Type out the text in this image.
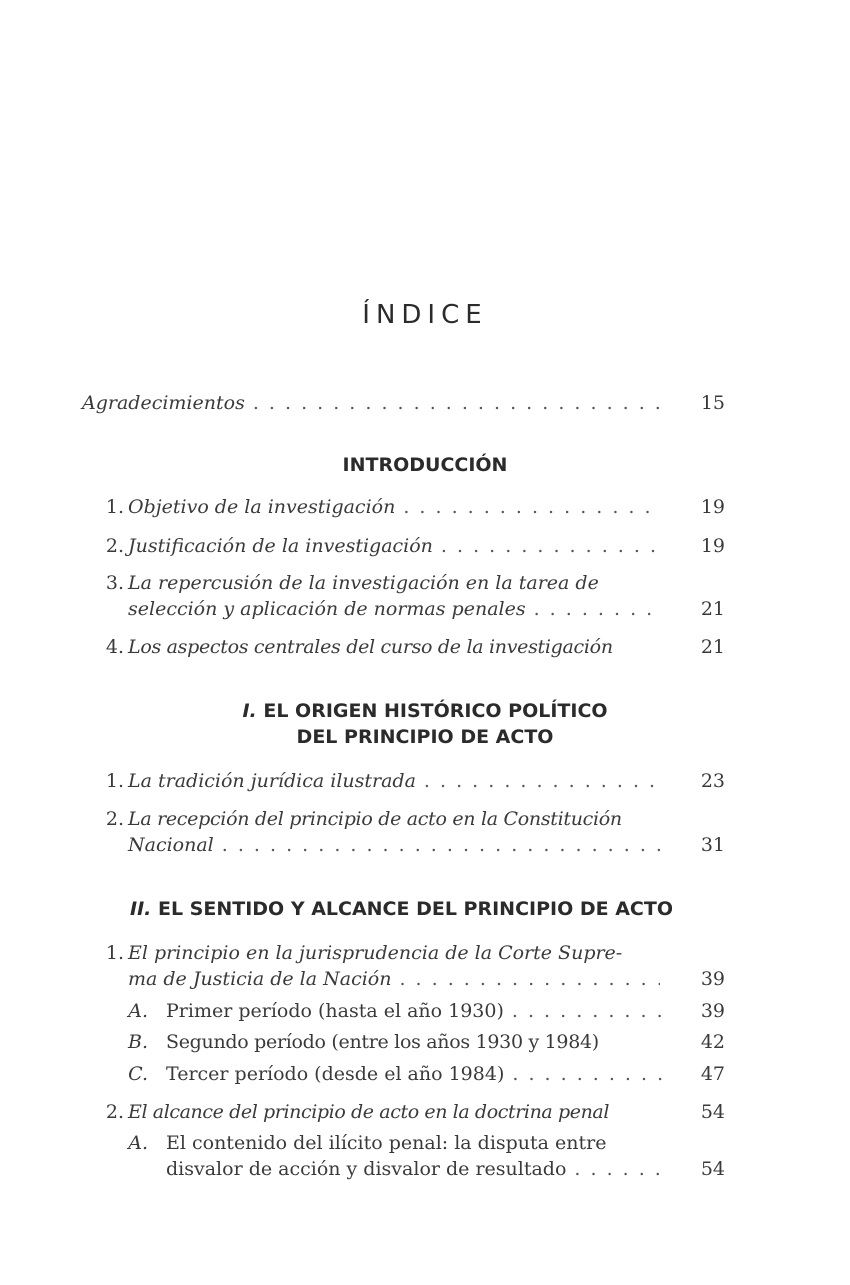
ÍNDICE
Agradecimientos . . .	15
INTRODUCCIÓN
1. Objetivo de la investigación . . .	19
2. Justificación de la investigación . . .	19
3. La repercusión de la investigación en la tarea de
selección y aplicación de normas penales . . .	21
4. Los aspectos centrales del curso de la investigación	21
I. EL ORIGEN HISTÓRICO POLÍTICO
DEL PRINCIPIO DE ACTO
1. La tradición jurídica ilustrada . . .	23
2. La recepción del principio de acto en la Constitución
Nacional . . .	31
II. EL SENTIDO Y ALCANCE DEL PRINCIPIO DE ACTO
1. El principio en la jurisprudencia de la Corte Supre-
ma de Justicia de la Nación . . .	39
A. Primer período (hasta el año 1930) . . .	39
B. Segundo período (entre los años 1930 y 1984)	42
C. Tercer período (desde el año 1984) . . .	47
2. El alcance del principio de acto en la doctrina penal	54
A. El contenido del ilícito penal: la disputa entre
disvalor de acción y disvalor de resultado . . .	54
